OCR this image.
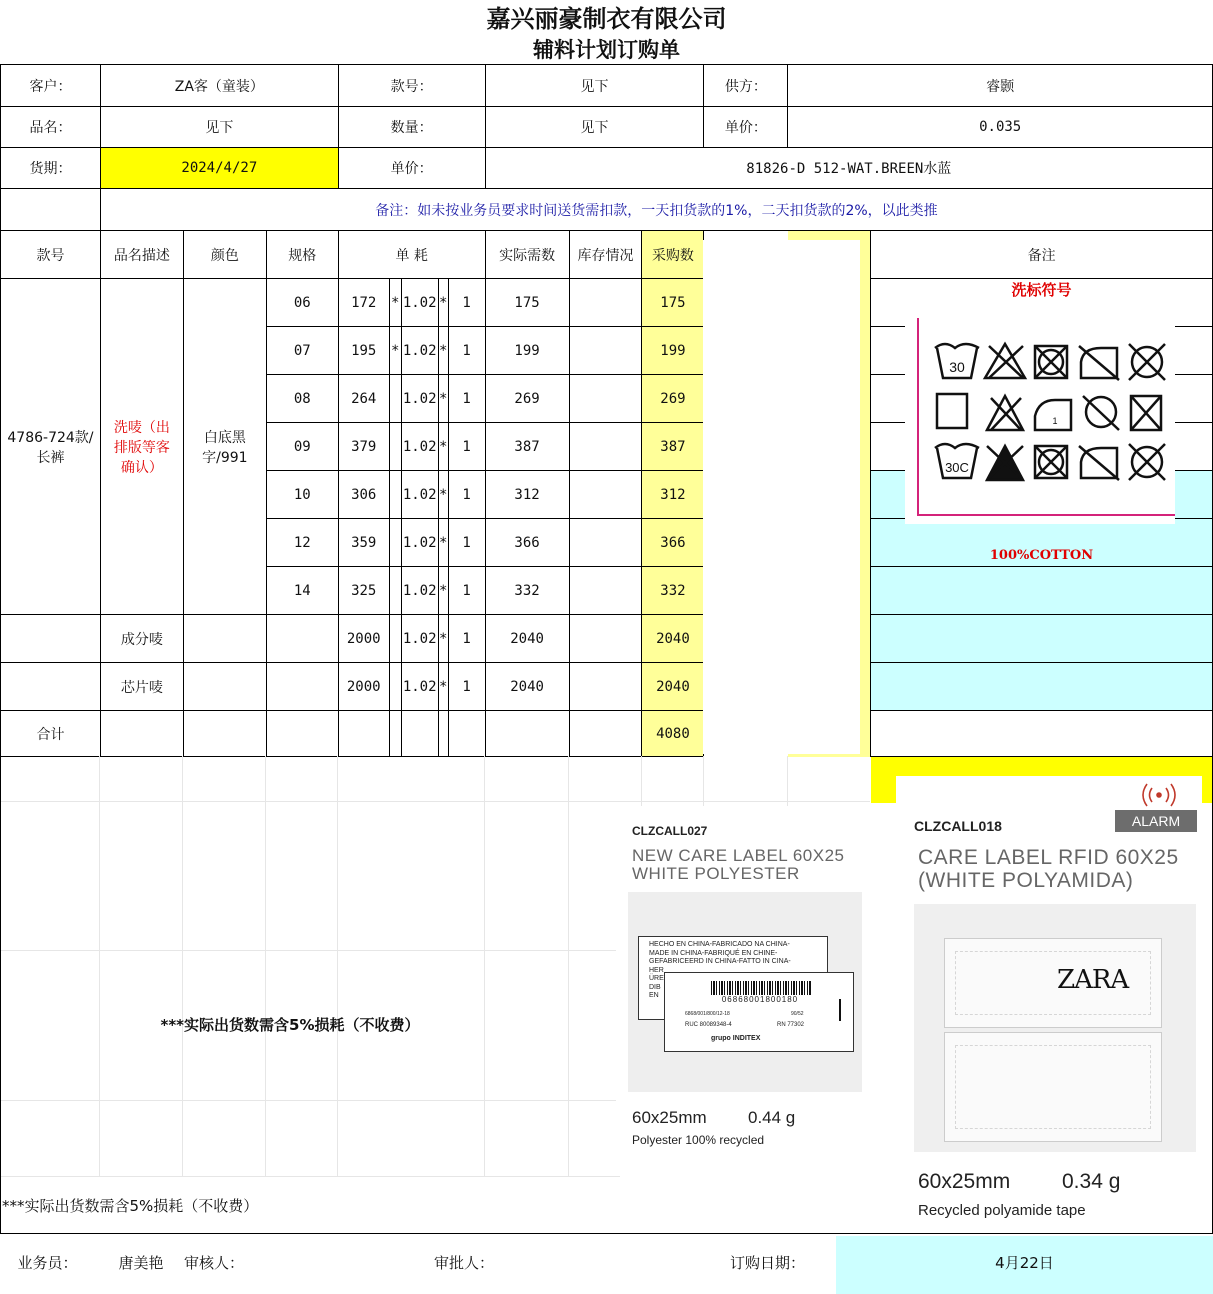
嘉兴丽豪制衣有限公司
辅料计划订购单
客户：	ZA客（童装）			款号：					见下			供方：	睿颢	
品名：	见下			数量：					见下			单价：	0.035	
货期：	2024/4/27			单价：					81826-D 512-WAT.BREEN水蓝					
	备注：如未按业务员要求时间送货需扣款，一天扣货款的1%，二天扣货款的2%，以此类推													
款号	品名描述	颜色	规格	单 耗					实际需数	库存情况	采购数			备注
4786-724款/长裤	洗唛（出排版等客确认）	白底黑字/991	06	172	*	1.02	*	1	175		175			
			07	195	*	1.02	*	1	199		199			
			08	264		1.02	*	1	269		269			
			09	379		1.02	*	1	387		387			
			10	306		1.02	*	1	312		312			
			12	359		1.02	*	1	366		366			
			14	325		1.02	*	1	332		332			
	成分唛			2000		1.02	*	1	2040		2040			
	芯片唛			2000		1.02	*	1	2040		2040			
合计											4080			
洗标符号
30
1
30C
100%COTTON
***实际出货数需含5%损耗（不收费）
***实际出货数需含5%损耗（不收费）
CLZCALL027
NEW CARE LABEL 60X25
WHITE POLYESTER
HECHO EN CHINA-FABRICADO NA CHINA-
MADE IN CHINA-FABRIQUÉ EN CHINE-
GEFABRICEERD IN CHINA-FATTO IN CINA-
HER
ÜRE
DIB
EN	06868001800180
6868/001/800/12-18	90/52
RUC 80089348-4	RN 77302
grupo INDITEX
60x25mm 0.44 g
Polyester 100% recycled
ALARM
CLZCALL018
CARE LABEL RFID 60X25
(WHITE POLYAMIDA)
ZARA
60x25mm 0.34 g
Recycled polyamide tape
业务员：	唐美艳	审核人：	审批人：	订购日期：	4月22日
